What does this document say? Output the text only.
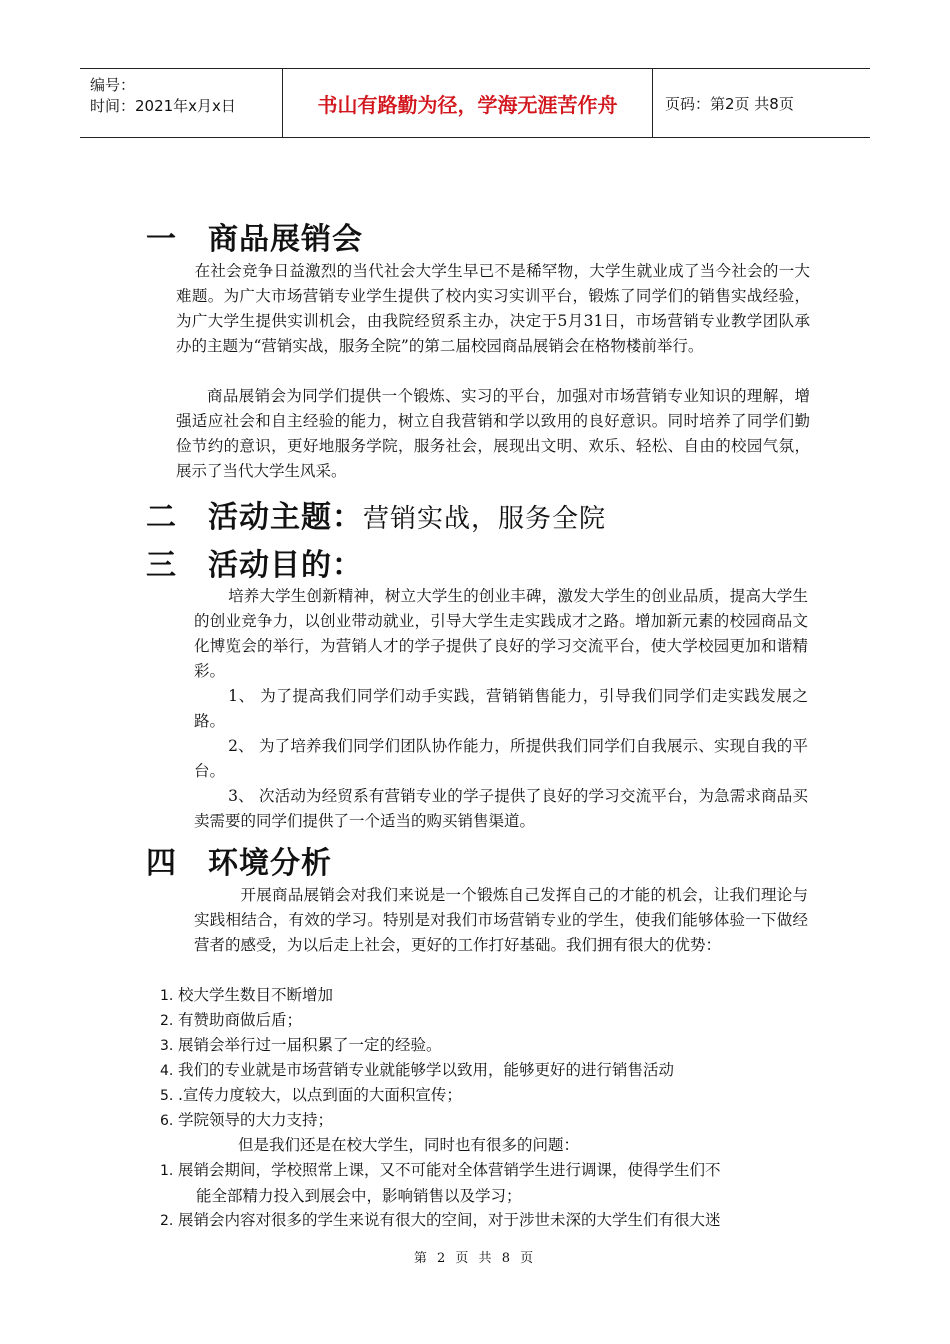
编号：
时间：2021年x月x日	书山有路勤为径，学海无涯苦作舟	页码：第2页 共8页
一 商品展销会
在社会竞争日益激烈的当代社会大学生早已不是稀罕物，大学生就业成了当今社会的一大难题。为广大市场营销专业学生提供了校内实习实训平台，锻炼了同学们的销售实战经验，为广大学生提供实训机会，由我院经贸系主办，决定于5月31日，市场营销专业教学团队承办的主题为“营销实战，服务全院”的第二届校园商品展销会在格物楼前举行。
商品展销会为同学们提供一个锻炼、实习的平台，加强对市场营销专业知识的理解，增强适应社会和自主经验的能力，树立自我营销和学以致用的良好意识。同时培养了同学们勤俭节约的意识，更好地服务学院，服务社会，展现出文明、欢乐、轻松、自由的校园气氛，展示了当代大学生风采。
二 活动主题：营销实战，服务全院
三 活动目的：
培养大学生创新精神，树立大学生的创业丰碑，激发大学生的创业品质，提高大学生的创业竞争力，以创业带动就业，引导大学生走实践成才之路。增加新元素的校园商品文化博览会的举行，为营销人才的学子提供了良好的学习交流平台，使大学校园更加和谐精彩。
1、 为了提高我们同学们动手实践，营销销售能力，引导我们同学们走实践发展之路。
2、 为了培养我们同学们团队协作能力，所提供我们同学们自我展示、实现自我的平台。
3、 次活动为经贸系有营销专业的学子提供了良好的学习交流平台，为急需求商品买卖需要的同学们提供了一个适当的购买销售渠道。
四 环境分析
开展商品展销会对我们来说是一个锻炼自己发挥自己的才能的机会，让我们理论与实践相结合，有效的学习。特别是对我们市场营销专业的学生，使我们能够体验一下做经营者的感受，为以后走上社会，更好的工作打好基础。我们拥有很大的优势：
1. 校大学生数目不断增加
2. 有赞助商做后盾；
3. 展销会举行过一届积累了一定的经验。
4. 我们的专业就是市场营销专业就能够学以致用，能够更好的进行销售活动
5. .宣传力度较大，以点到面的大面积宣传；
6. 学院领导的大力支持；
但是我们还是在校大学生，同时也有很多的问题：
1. 展销会期间，学校照常上课，又不可能对全体营销学生进行调课，使得学生们不
能全部精力投入到展会中，影响销售以及学习；
2. 展销会内容对很多的学生来说有很大的空间，对于涉世未深的大学生们有很大迷
第 2 页 共 8 页
